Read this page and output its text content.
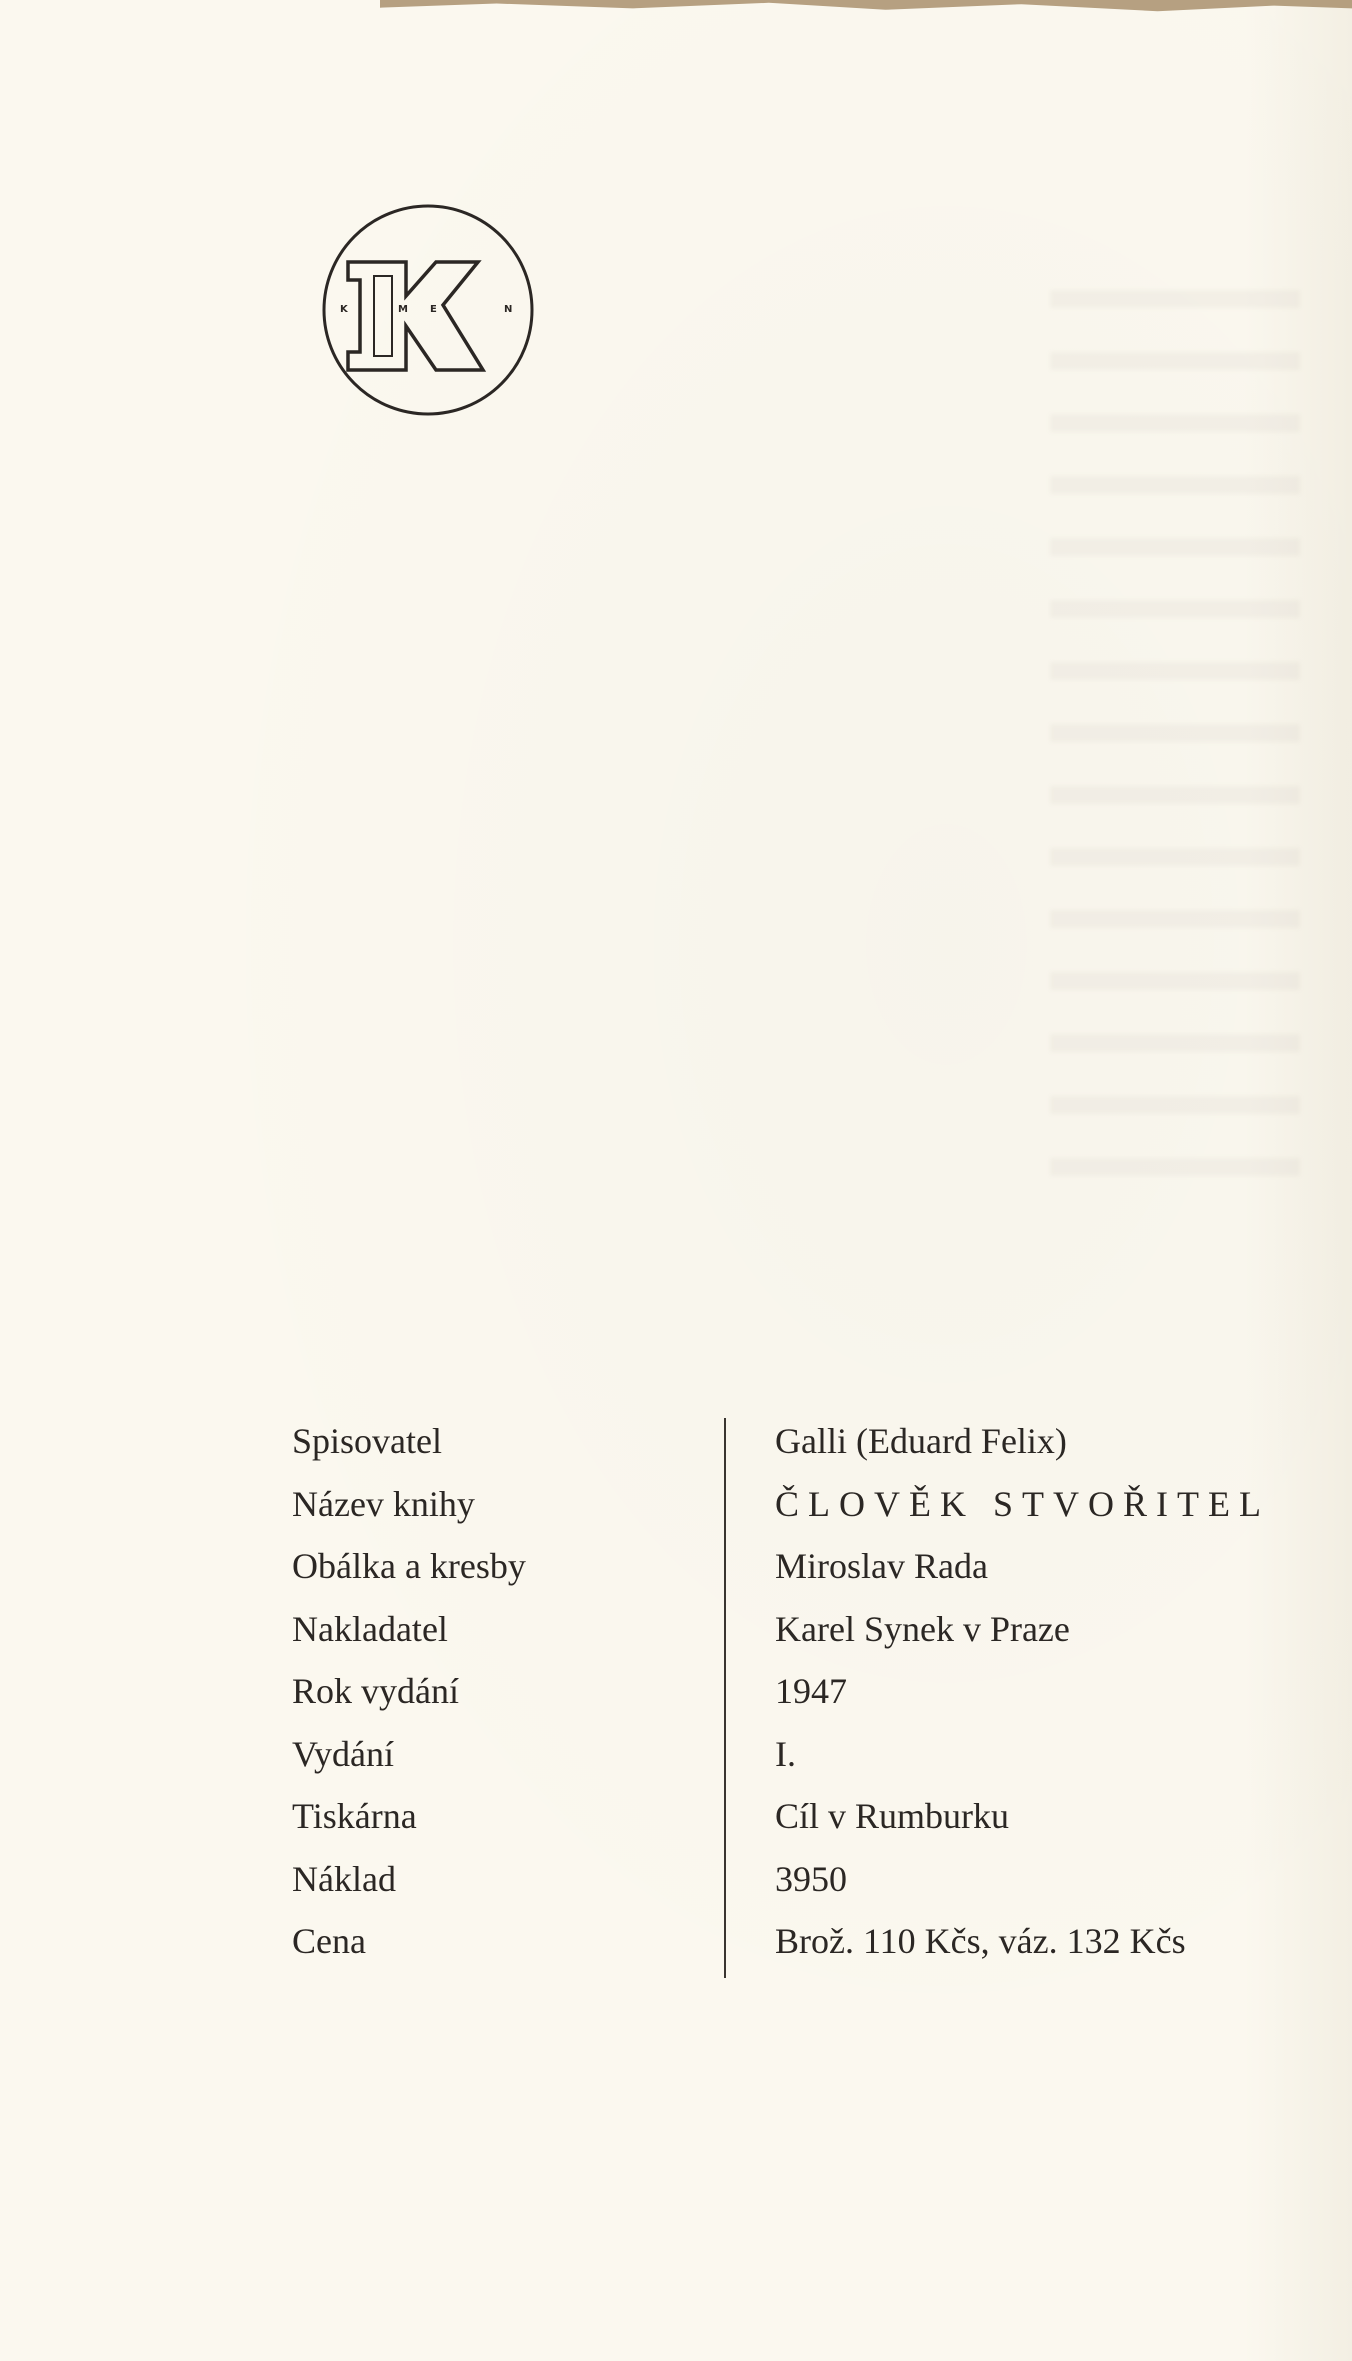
K	M E	N
Spisovatel	Galli (Eduard Felix)
Název knihy	ČLOVĚK STVOŘITEL
Obálka a kresby	Miroslav Rada
Nakladatel	Karel Synek v Praze
Rok vydání	1947
Vydání	I.
Tiskárna	Cíl v Rumburku
Náklad	3950
Cena	Brož. 110 Kčs, váz. 132 Kčs
